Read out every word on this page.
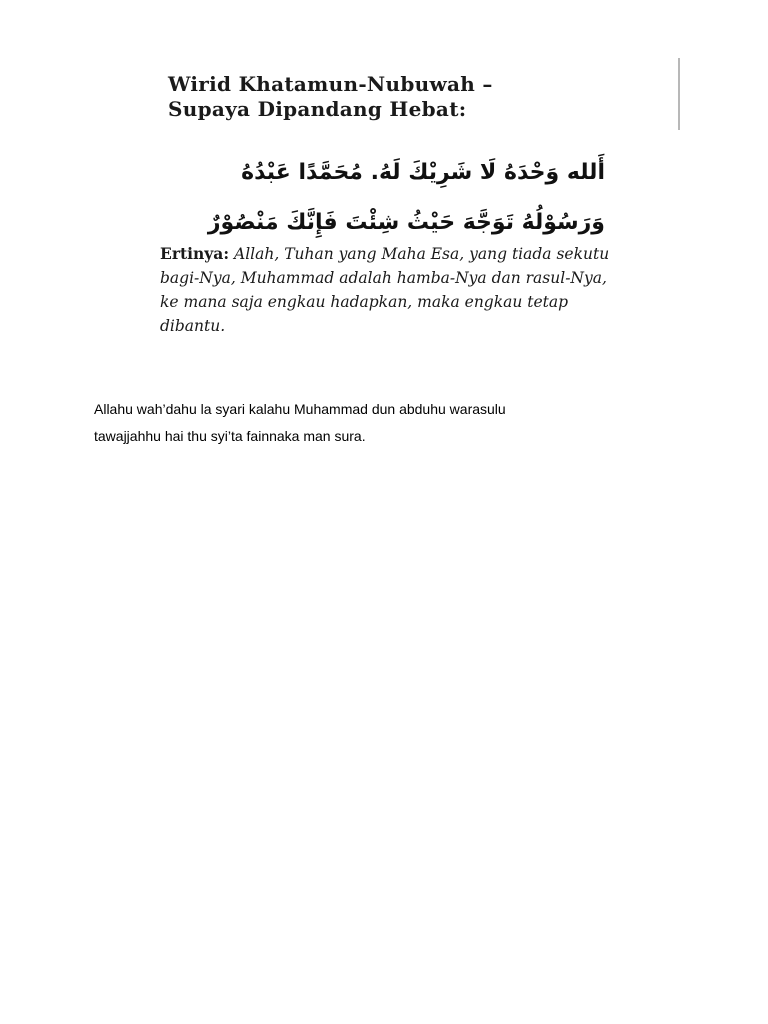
Wirid Khatamun-Nubuwah –
Supaya Dipandang Hebat:
أَلله وَحْدَهُ لَا شَرِيْكَ لَهُ. مُحَمَّدًا عَبْدُهُ وَرَسُوْلُهُ تَوَجَّهَ حَيْثُ شِئْتَ فَإِنَّكَ مَنْصُوْرٌ
Ertinya: Allah, Tuhan yang Maha Esa, yang tiada sekutu bagi-Nya, Muhammad adalah hamba-Nya dan rasul-Nya, ke mana saja engkau hadapkan, maka engkau tetap dibantu.
Allahu wah’dahu la syari kalahu Muhammad dun abduhu warasulu
tawajjahhu hai thu syi’ta fainnaka man sura.
